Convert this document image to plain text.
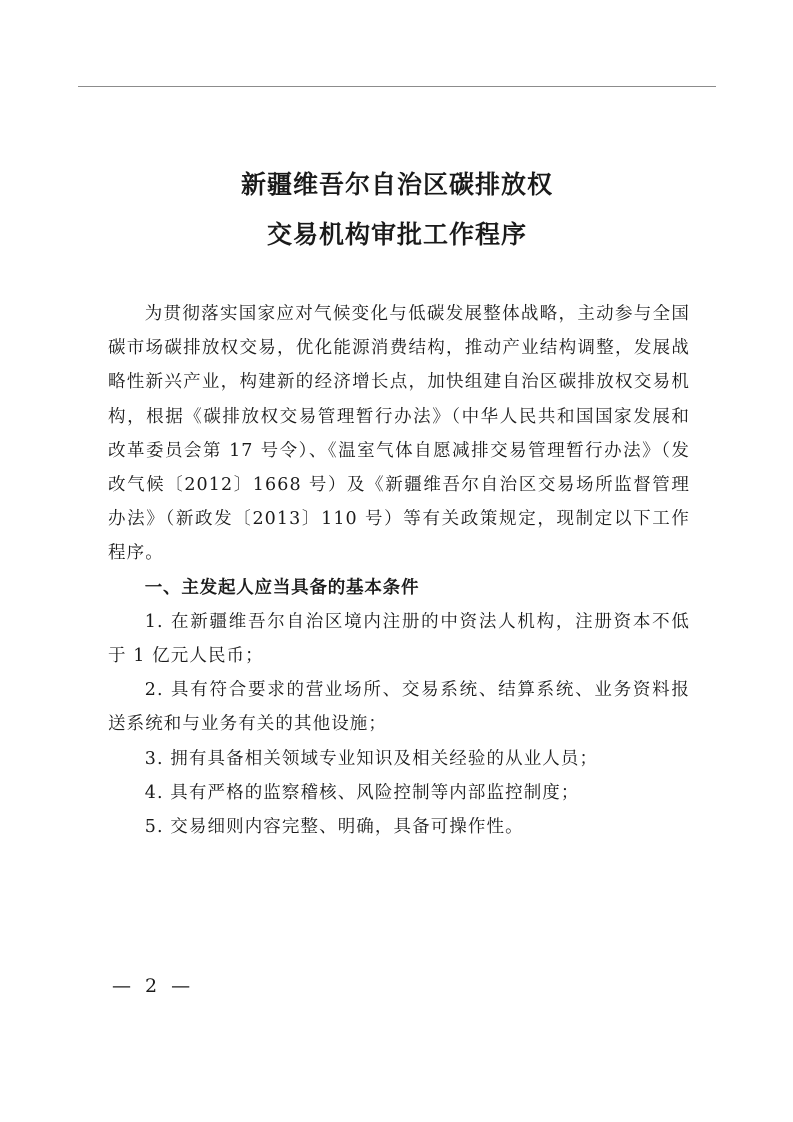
新疆维吾尔自治区碳排放权
交易机构审批工作程序

为贯彻落实国家应对气候变化与低碳发展整体战略，主动参与全国碳市场碳排放权交易，优化能源消费结构，推动产业结构调整，发展战略性新兴产业，构建新的经济增长点，加快组建自治区碳排放权交易机构，根据《碳排放权交易管理暂行办法》（中华人民共和国国家发展和改革委员会第 17 号令）、《温室气体自愿减排交易管理暂行办法》（发改气候〔2012〕1668 号）及《新疆维吾尔自治区交易场所监督管理办法》（新政发〔2013〕110 号）等有关政策规定，现制定以下工作程序。

一、主发起人应当具备的基本条件

1. 在新疆维吾尔自治区境内注册的中资法人机构，注册资本不低于 1 亿元人民币；

2. 具有符合要求的营业场所、交易系统、结算系统、业务资料报送系统和与业务有关的其他设施；

3. 拥有具备相关领域专业知识及相关经验的从业人员；

4. 具有严格的监察稽核、风险控制等内部监控制度；

5. 交易细则内容完整、明确，具备可操作性。

— 2 —
